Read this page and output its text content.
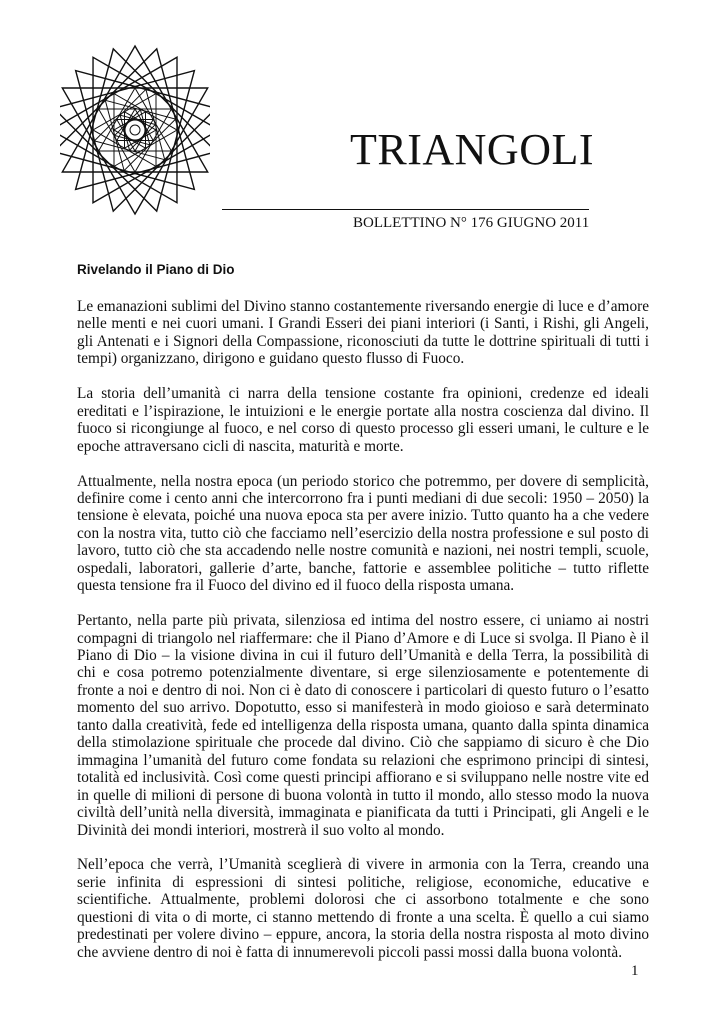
TRIANGOLI
BOLLETTINO N° 176 GIUGNO 2011
Rivelando il Piano di Dio

Le emanazioni sublimi del Divino stanno costantemente riversando energie di luce e d’amore nelle menti e nei cuori umani. I Grandi Esseri dei piani interiori (i Santi, i Rishi, gli Angeli, gli Antenati e i Signori della Compassione, riconosciuti da tutte le dottrine spirituali di tutti i tempi) organizzano, dirigono e guidano questo flusso di Fuoco.

La storia dell’umanità ci narra della tensione costante fra opinioni, credenze ed ideali ereditati e l’ispirazione, le intuizioni e le energie portate alla nostra coscienza dal divino. Il fuoco si ricongiunge al fuoco, e nel corso di questo processo gli esseri umani, le culture e le epoche attraversano cicli di nascita, maturità e morte.

Attualmente, nella nostra epoca (un periodo storico che potremmo, per dovere di semplicità, definire come i cento anni che intercorrono fra i punti mediani di due secoli: 1950 – 2050) la tensione è elevata, poiché una nuova epoca sta per avere inizio. Tutto quanto ha a che vedere con la nostra vita, tutto ciò che facciamo nell’esercizio della nostra professione e sul posto di lavoro, tutto ciò che sta accadendo nelle nostre comunità e nazioni, nei nostri templi, scuole, ospedali, laboratori, gallerie d’arte, banche, fattorie e assemblee politiche – tutto riflette questa tensione fra il Fuoco del divino ed il fuoco della risposta umana.

Pertanto, nella parte più privata, silenziosa ed intima del nostro essere, ci uniamo ai nostri compagni di triangolo nel riaffermare: che il Piano d’Amore e di Luce si svolga. Il Piano è il Piano di Dio – la visione divina in cui il futuro dell’Umanità e della Terra, la possibilità di chi e cosa potremo potenzialmente diventare, si erge silenziosamente e potentemente di fronte a noi e dentro di noi. Non ci è dato di conoscere i particolari di questo futuro o l’esatto momento del suo arrivo. Dopotutto, esso si manifesterà in modo gioioso e sarà determinato tanto dalla creatività, fede ed intelligenza della risposta umana, quanto dalla spinta dinamica della stimolazione spirituale che procede dal divino. Ciò che sappiamo di sicuro è che Dio immagina l’umanità del futuro come fondata su relazioni che esprimono principi di sintesi, totalità ed inclusività. Così come questi principi affiorano e si sviluppano nelle nostre vite ed in quelle di milioni di persone di buona volontà in tutto il mondo, allo stesso modo la nuova civiltà dell’unità nella diversità, immaginata e pianificata da tutti i Principati, gli Angeli e le Divinità dei mondi interiori, mostrerà il suo volto al mondo.

Nell’epoca che verrà, l’Umanità sceglierà di vivere in armonia con la Terra, creando una serie infinita di espressioni di sintesi politiche, religiose, economiche, educative e scientifiche. Attualmente, problemi dolorosi che ci assorbono totalmente e che sono questioni di vita o di morte, ci stanno mettendo di fronte a una scelta. È quello a cui siamo predestinati per volere divino – eppure, ancora, la storia della nostra risposta al moto divino che avviene dentro di noi è fatta di innumerevoli piccoli passi mossi dalla buona volontà.

1
